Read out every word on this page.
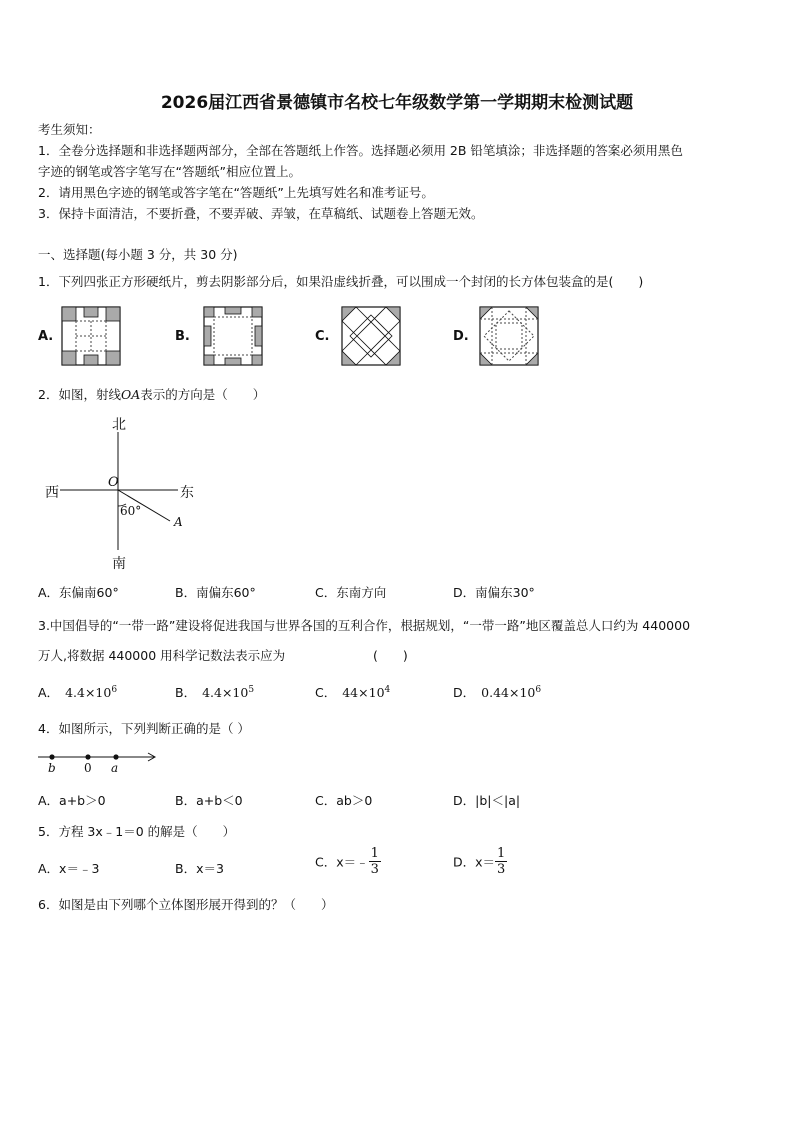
2026届江西省景德镇市名校七年级数学第一学期期末检测试题
考生须知：
1．全卷分选择题和非选择题两部分，全部在答题纸上作答。选择题必须用 2B 铅笔填涂；非选择题的答案必须用黑色
字迹的钢笔或答字笔写在“答题纸”相应位置上。
2．请用黑色字迹的钢笔或答字笔在“答题纸”上先填写姓名和准考证号。
3．保持卡面清洁，不要折叠，不要弄破、弄皱，在草稿纸、试题卷上答题无效。
一、选择题(每小题 3 分，共 30 分)
1．下列四张正方形硬纸片，剪去阴影部分后，如果沿虚线折叠，可以围成一个封闭的长方体包装盒的是(　　)
A.	B.	C.	D.
2．如图，射线OA表示的方向是（　　）
北
南
西	东
O
60°
A
A．东偏南60°	B．南偏东60°	C．东南方向	D．南偏东30°
3.中国倡导的“一带一路”建设将促进我国与世界各国的互利合作，根据规划，“一带一路”地区覆盖总人口约为 440000
万人,将数据 440000 用科学记数法表示应为	(　　)
A． $4.4\times 10^6$	B． $4.4\times 10^5$	C． $44\times 10^4$	D． $0.44\times 10^6$
4．如图所示，下列判断正确的是（ ）
b 0 a
A．a+b＞0	B．a+b＜0	C．ab＞0	D．|b|＜|a|
5．方程 3x﹣1＝0 的解是（　　）
A．x＝﹣3	B．x＝3	C．x＝﹣ $\frac{1}{3}$	D．$x= \frac{1}{3}$
6．如图是由下列哪个立体图形展开得到的？（　　）
